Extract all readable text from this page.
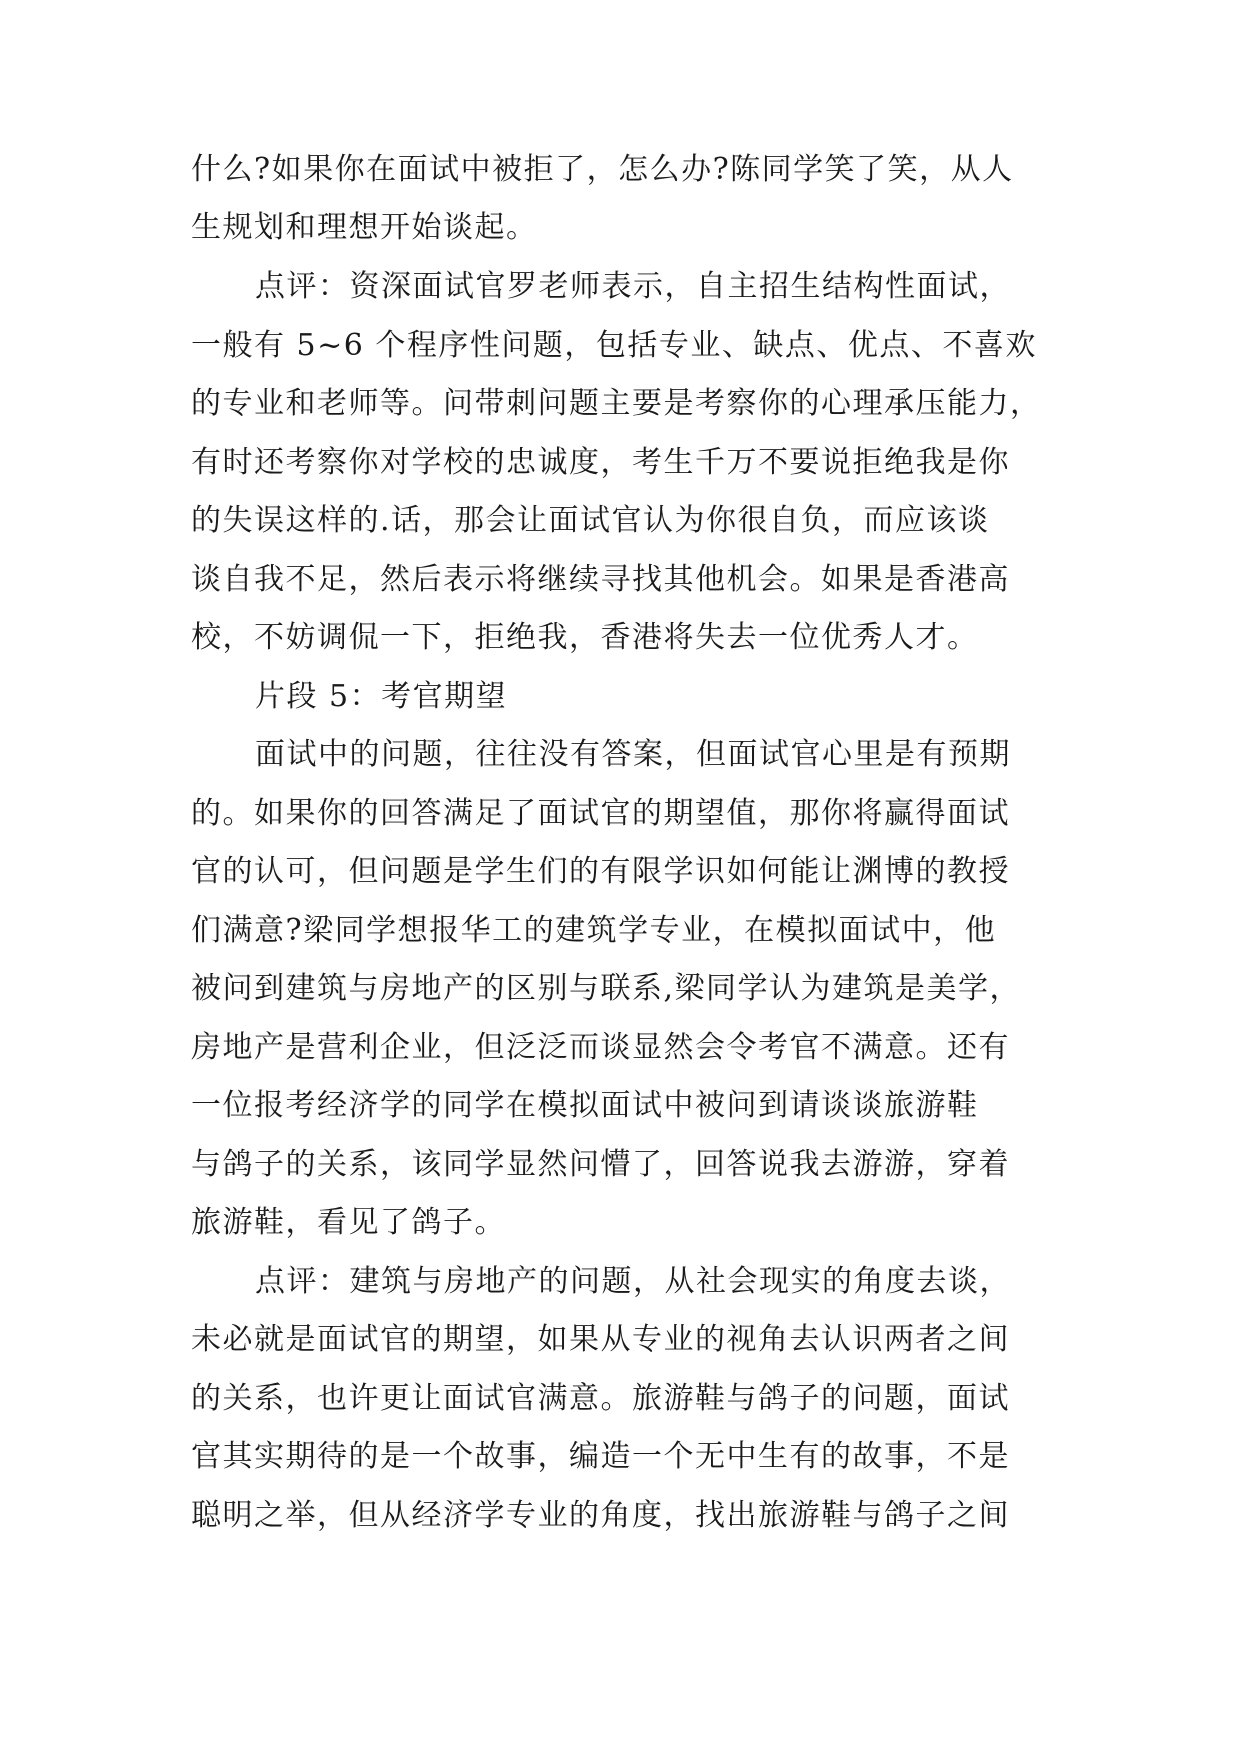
什么?如果你在面试中被拒了，怎么办?陈同学笑了笑，从人

生规划和理想开始谈起。

点评：资深面试官罗老师表示，自主招生结构性面试，

一般有 5~6 个程序性问题，包括专业、缺点、优点、不喜欢

的专业和老师等。问带刺问题主要是考察你的心理承压能力，

有时还考察你对学校的忠诚度，考生千万不要说拒绝我是你

的失误这样的.话，那会让面试官认为你很自负，而应该谈

谈自我不足，然后表示将继续寻找其他机会。如果是香港高

校，不妨调侃一下，拒绝我，香港将失去一位优秀人才。

片段 5：考官期望

面试中的问题，往往没有答案，但面试官心里是有预期

的。如果你的回答满足了面试官的期望值，那你将赢得面试

官的认可，但问题是学生们的有限学识如何能让渊博的教授

们满意?梁同学想报华工的建筑学专业，在模拟面试中，他

被问到建筑与房地产的区别与联系,梁同学认为建筑是美学，

房地产是营利企业，但泛泛而谈显然会令考官不满意。还有

一位报考经济学的同学在模拟面试中被问到请谈谈旅游鞋

与鸽子的关系，该同学显然问懵了，回答说我去游游，穿着

旅游鞋，看见了鸽子。

点评：建筑与房地产的问题，从社会现实的角度去谈，

未必就是面试官的期望，如果从专业的视角去认识两者之间

的关系，也许更让面试官满意。旅游鞋与鸽子的问题，面试

官其实期待的是一个故事，编造一个无中生有的故事，不是

聪明之举，但从经济学专业的角度，找出旅游鞋与鸽子之间
